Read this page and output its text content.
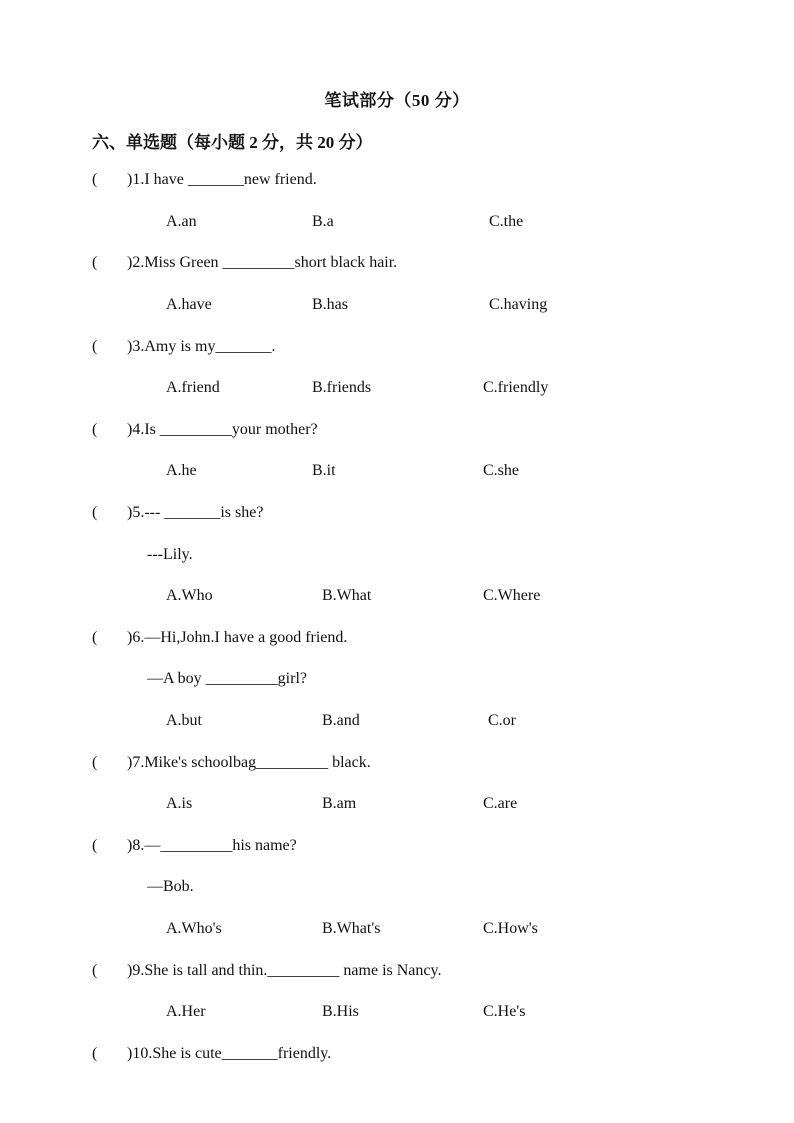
笔试部分（50 分）
六、单选题（每小题 2 分，共 20 分）
( )1.I have _______new friend.
A.an	B.a	C.the
( )2.Miss Green _________short black hair.
A.have	B.has	C.having
( )3.Amy is my_______.
A.friend	B.friends	C.friendly
( )4.Is _________your mother?
A.he	B.it	C.she
( )5.--- _______is she?
---Lily.
A.Who	B.What	C.Where
( )6.—Hi,John.I have a good friend.
—A boy _________girl?
A.but	B.and	C.or
( )7.Mike's schoolbag_________ black.
A.is	B.am	C.are
( )8.—_________his name?
—Bob.
A.Who's	B.What's	C.How's
( )9.She is tall and thin._________ name is Nancy.
A.Her	B.His	C.He's
( )10.She is cute_______friendly.
